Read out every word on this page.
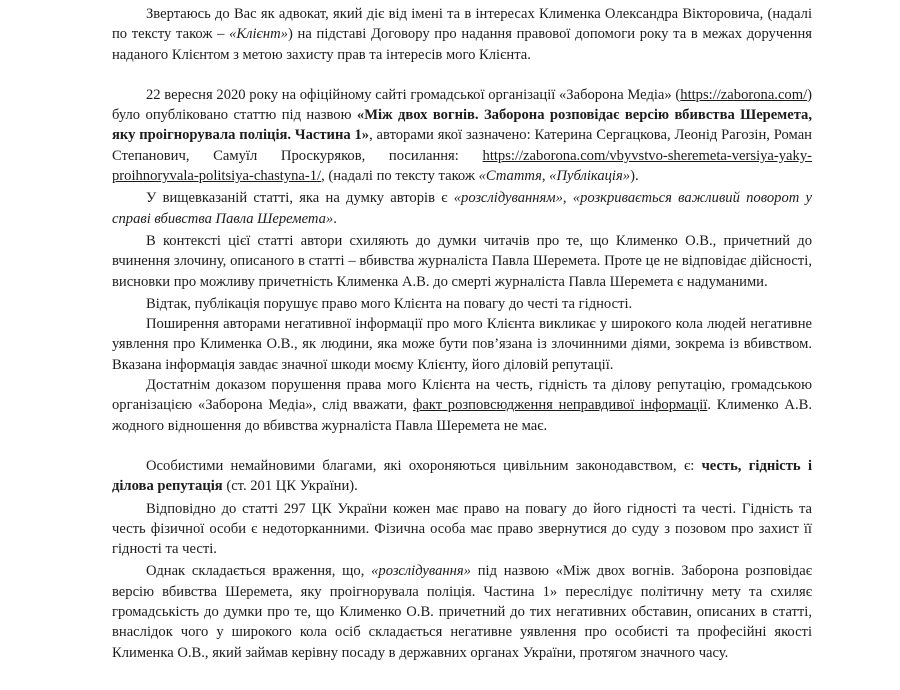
Звертаюсь до Вас як адвокат, який діє від імені та в інтересах Клименка Олександра Вікторовича, (надалі по тексту також – «Клієнт») на підставі Договору про надання правової допомоги року та в межах доручення наданого Клієнтом з метою захисту прав та інтересів мого Клієнта.

22 вересня 2020 року на офіційному сайті громадської організації «Заборона Медіа» (https://zaborona.com/) було опубліковано статтю під назвою «Між двох вогнів. Заборона розповідає версію вбивства Шеремета, яку проігнорувала поліція. Частина 1», авторами якої зазначено: Катерина Сергацкова, Леонід Рагозін, Роман Степанович, Самуїл Проскуряков, посилання: https://zaborona.com/vbyvstvo-sheremeta-versiya-yaky-proihnoryvala-politsiya-chastyna-1/, (надалі по тексту також «Стаття, «Публікація»).

У вищевказаній статті, яка на думку авторів є «розслідуванням», «розкривається важливий поворот у справі вбивства Павла Шеремета».

В контексті цієї статті автори схиляють до думки читачів про те, що Клименко О.В., причетний до вчинення злочину, описаного в статті – вбивства журналіста Павла Шеремета. Проте це не відповідає дійсності, висновки про можливу причетність Клименка А.В. до смерті журналіста Павла Шеремета є надуманими.

Відтак, публікація порушує право мого Клієнта на повагу до честі та гідності.

Поширення авторами негативної інформації про мого Клієнта викликає у широкого кола людей негативне уявлення про Клименка О.В., як людини, яка може бути пов’язана із злочинними діями, зокрема із вбивством. Вказана інформація завдає значної шкоди моєму Клієнту, його діловій репутації.

Достатнім доказом порушення права мого Клієнта на честь, гідність та ділову репутацію, громадською організацією «Заборона Медіа», слід вважати, факт розповсюдження неправдивої інформації. Клименко А.В. жодного відношення до вбивства журналіста Павла Шеремета не має.

Особистими немайновими благами, які охороняються цивільним законодавством, є: честь, гідність і ділова репутація (ст. 201 ЦК України).

Відповідно до статті 297 ЦК України кожен має право на повагу до його гідності та честі. Гідність та честь фізичної особи є недоторканними. Фізична особа має право звернутися до суду з позовом про захист її гідності та честі.

Однак складається враження, що, «розслідування» під назвою «Між двох вогнів. Заборона розповідає версію вбивства Шеремета, яку проігнорувала поліція. Частина 1» переслідує політичну мету та схиляє громадськість до думки про те, що Клименко О.В. причетний до тих негативних обставин, описаних в статті, внаслідок чого у широкого кола осіб складається негативне уявлення про особисті та професійні якості Клименка О.В., який займав керівну посаду в державних органах України, протягом значного часу.
